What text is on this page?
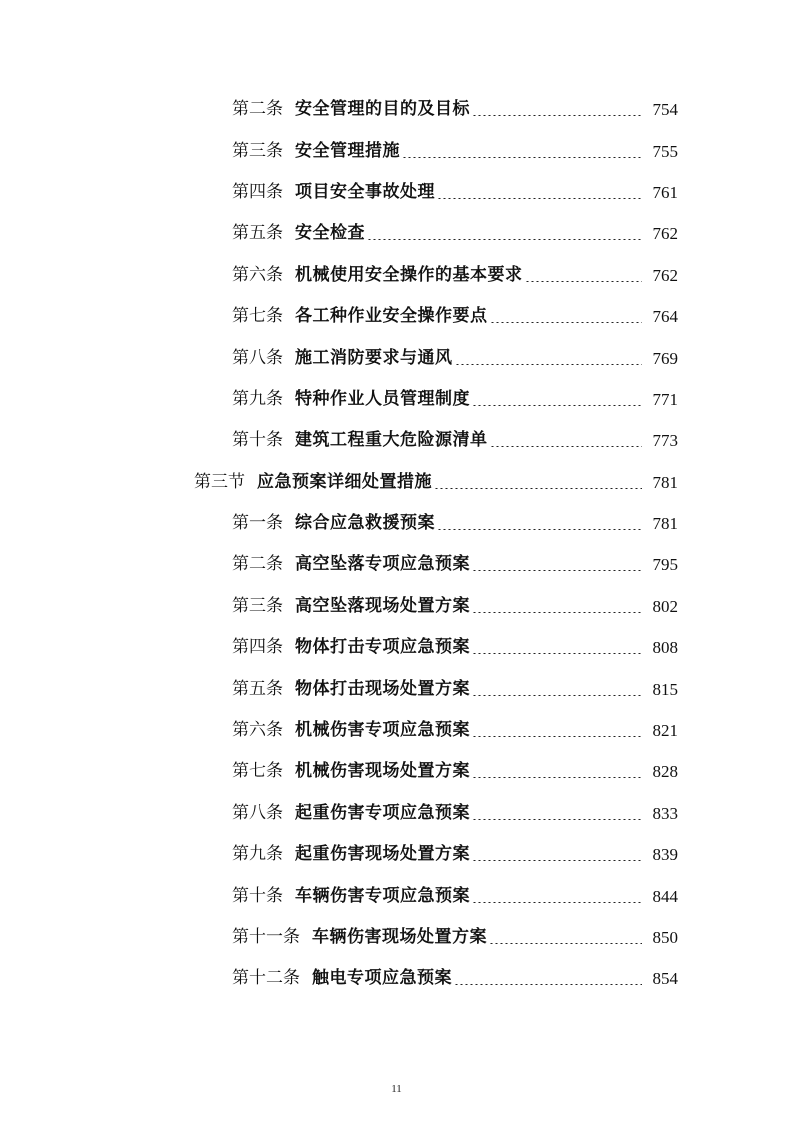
第二条 安全管理的目的及目标	754
第三条 安全管理措施	755
第四条 项目安全事故处理	761
第五条 安全检查	762
第六条 机械使用安全操作的基本要求	762
第七条 各工种作业安全操作要点	764
第八条 施工消防要求与通风	769
第九条 特种作业人员管理制度	771
第十条 建筑工程重大危险源清单	773
第三节 应急预案详细处置措施	781
第一条 综合应急救援预案	781
第二条 高空坠落专项应急预案	795
第三条 高空坠落现场处置方案	802
第四条 物体打击专项应急预案	808
第五条 物体打击现场处置方案	815
第六条 机械伤害专项应急预案	821
第七条 机械伤害现场处置方案	828
第八条 起重伤害专项应急预案	833
第九条 起重伤害现场处置方案	839
第十条 车辆伤害专项应急预案	844
第十一条 车辆伤害现场处置方案	850
第十二条 触电专项应急预案	854
11
